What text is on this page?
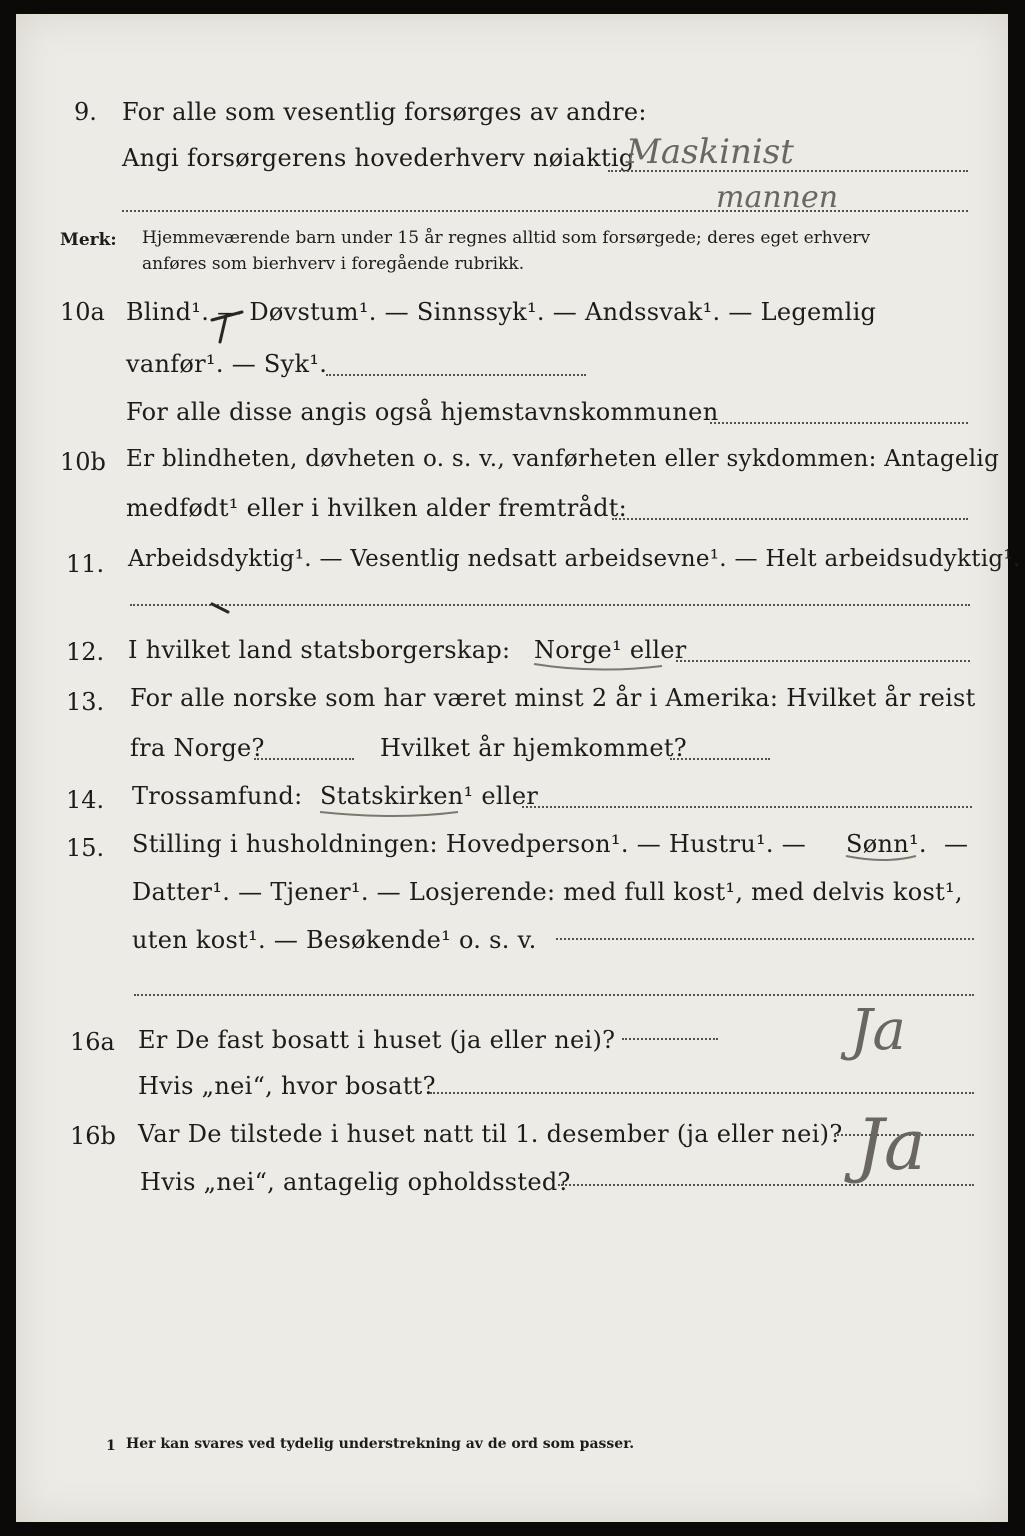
9. For alle som vesentlig forsørges av andre:
Angi forsørgerens hovederhverv nøiaktig
Maskinist
mannen
Merk: Hjemmeværende barn under 15 år regnes alltid som forsørgede; deres eget erhverv
anføres som bierhverv i foregående rubrikk.
10a Blind¹. — Døvstum¹. — Sinnssyk¹. — Andssvak¹. — Legemlig
vanfør¹. — Syk¹.
For alle disse angis også hjemstavnskommunen
10b Er blindheten, døvheten o. s. v., vanførheten eller sykdommen: Antagelig
medfødt¹ eller i hvilken alder fremtrådt:
11. Arbeidsdyktig¹. — Vesentlig nedsatt arbeidsevne¹. — Helt arbeidsudyktig¹.
12. I hvilket land statsborgerskap: Norge¹ eller
13. For alle norske som har været minst 2 år i Amerika: Hvilket år reist
fra Norge?	Hvilket år hjemkommet?
14. Trossamfund: Statskirken¹ eller
15. Stilling i husholdningen: Hovedperson¹. — Hustru¹. — Sønn¹. —
Datter¹. — Tjener¹. — Losjerende: med full kost¹, med delvis kost¹,
uten kost¹. — Besøkende¹ o. s. v.
16a Er De fast bosatt i huset (ja eller nei)?	Ja
Hvis „nei“, hvor bosatt?
16b Var De tilstede i huset natt til 1. desember (ja eller nei)? Ja
Hvis „nei“, antagelig opholdssted?
1 Her kan svares ved tydelig understrekning av de ord som passer.
